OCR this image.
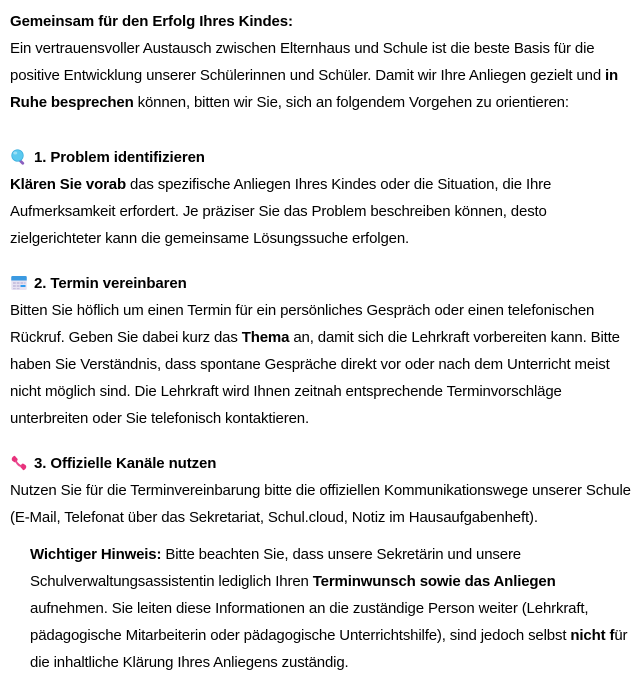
Gemeinsam für den Erfolg Ihres Kindes:

Ein vertrauensvoller Austausch zwischen Elternhaus und Schule ist die beste Basis für die positive Entwicklung unserer Schülerinnen und Schüler. Damit wir Ihre Anliegen gezielt und in Ruhe besprechen können, bitten wir Sie, sich an folgendem Vorgehen zu orientieren:

1. Problem identifizieren

Klären Sie vorab das spezifische Anliegen Ihres Kindes oder die Situation, die Ihre Aufmerksamkeit erfordert. Je präziser Sie das Problem beschreiben können, desto zielgerichteter kann die gemeinsame Lösungssuche erfolgen.

2. Termin vereinbaren

Bitten Sie höflich um einen Termin für ein persönliches Gespräch oder einen telefonischen Rückruf. Geben Sie dabei kurz das Thema an, damit sich die Lehrkraft vorbereiten kann. Bitte haben Sie Verständnis, dass spontane Gespräche direkt vor oder nach dem Unterricht meist nicht möglich sind. Die Lehrkraft wird Ihnen zeitnah entsprechende Terminvorschläge unterbreiten oder Sie telefonisch kontaktieren.

3. Offizielle Kanäle nutzen

Nutzen Sie für die Terminvereinbarung bitte die offiziellen Kommunikationswege unserer Schule (E-Mail, Telefonat über das Sekretariat, Schul.cloud, Notiz im Hausaufgabenheft).

Wichtiger Hinweis: Bitte beachten Sie, dass unsere Sekretärin und unsere Schulverwaltungsassistentin lediglich Ihren Terminwunsch sowie das Anliegen aufnehmen. Sie leiten diese Informationen an die zuständige Person weiter (Lehrkraft, pädagogische Mitarbeiterin oder pädagogische Unterrichtshilfe), sind jedoch selbst nicht für die inhaltliche Klärung Ihres Anliegens zuständig.
